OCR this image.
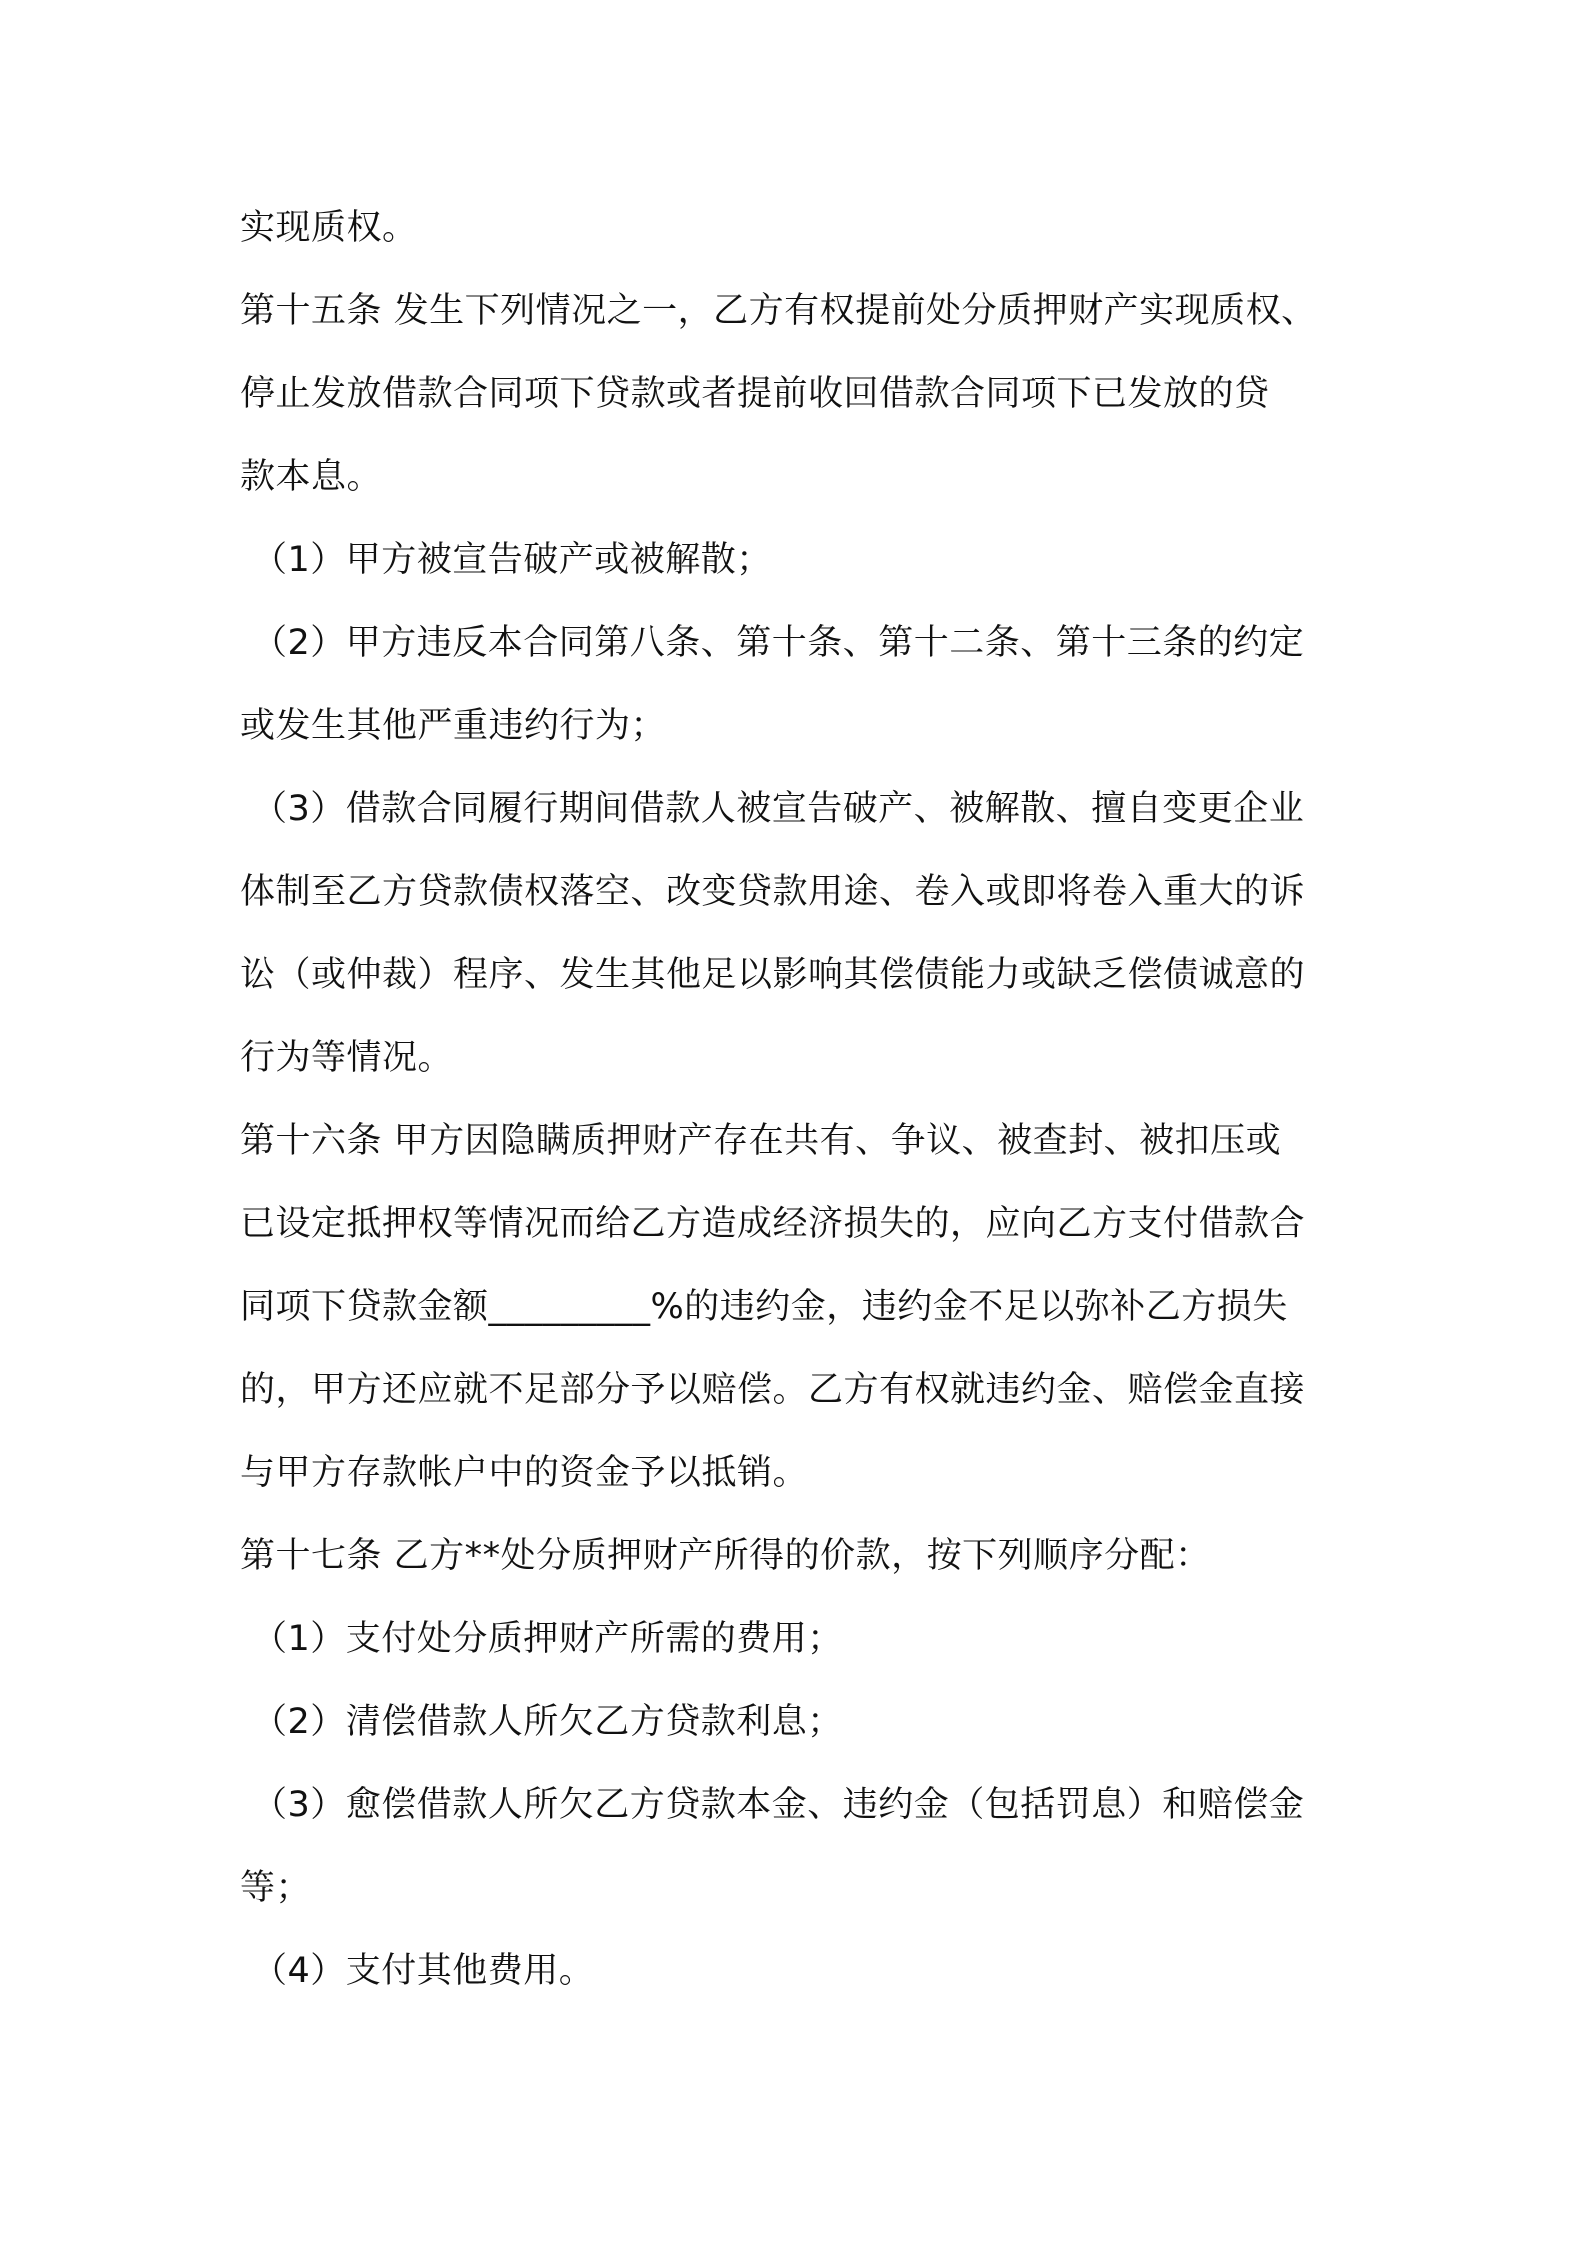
实现质权。
第十五条 发生下列情况之一，乙方有权提前处分质押财产实现质权、
停止发放借款合同项下贷款或者提前收回借款合同项下已发放的贷
款本息。
（1）甲方被宣告破产或被解散；
（2）甲方违反本合同第八条、第十条、第十二条、第十三条的约定
或发生其他严重违约行为；
（3）借款合同履行期间借款人被宣告破产、被解散、擅自变更企业
体制至乙方贷款债权落空、改变贷款用途、卷入或即将卷入重大的诉
讼（或仲裁）程序、发生其他足以影响其偿债能力或缺乏偿债诚意的
行为等情况。
第十六条 甲方因隐瞒质押财产存在共有、争议、被查封、被扣压或
已设定抵押权等情况而给乙方造成经济损失的，应向乙方支付借款合
同项下贷款金额_________%的违约金，违约金不足以弥补乙方损失
的，甲方还应就不足部分予以赔偿。乙方有权就违约金、赔偿金直接
与甲方存款帐户中的资金予以抵销。
第十七条 乙方**处分质押财产所得的价款，按下列顺序分配：
（1）支付处分质押财产所需的费用；
（2）清偿借款人所欠乙方贷款利息；
（3）愈偿借款人所欠乙方贷款本金、违约金（包括罚息）和赔偿金
等；
（4）支付其他费用。
